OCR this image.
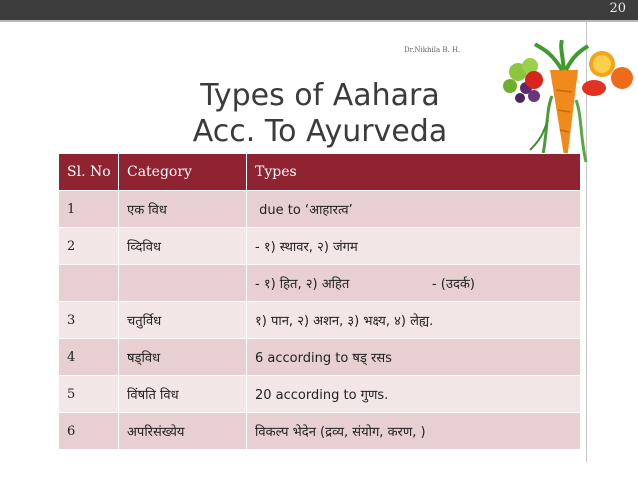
20
Dr.Nikhila B. H.
Types of Aahara
Acc. To Ayurveda
Sl. No	Category	Types
1	एक विध	due to ‘आहारत्व’
2	व्दिविध	- १) स्थावर, २) जंगम
		- १) हित, २) अहित                    - (उदर्क)
3	चतुर्विध	१) पान, २) अशन, ३) भक्ष्य, ४) लेह्य.
4	षड्विध	6 according to षड् रसs
5	विंषति विध	20 according to गुणs.
6	अपरिसंख्येय	विकल्प भेदेन (द्रव्य, संयोग, करण, )
